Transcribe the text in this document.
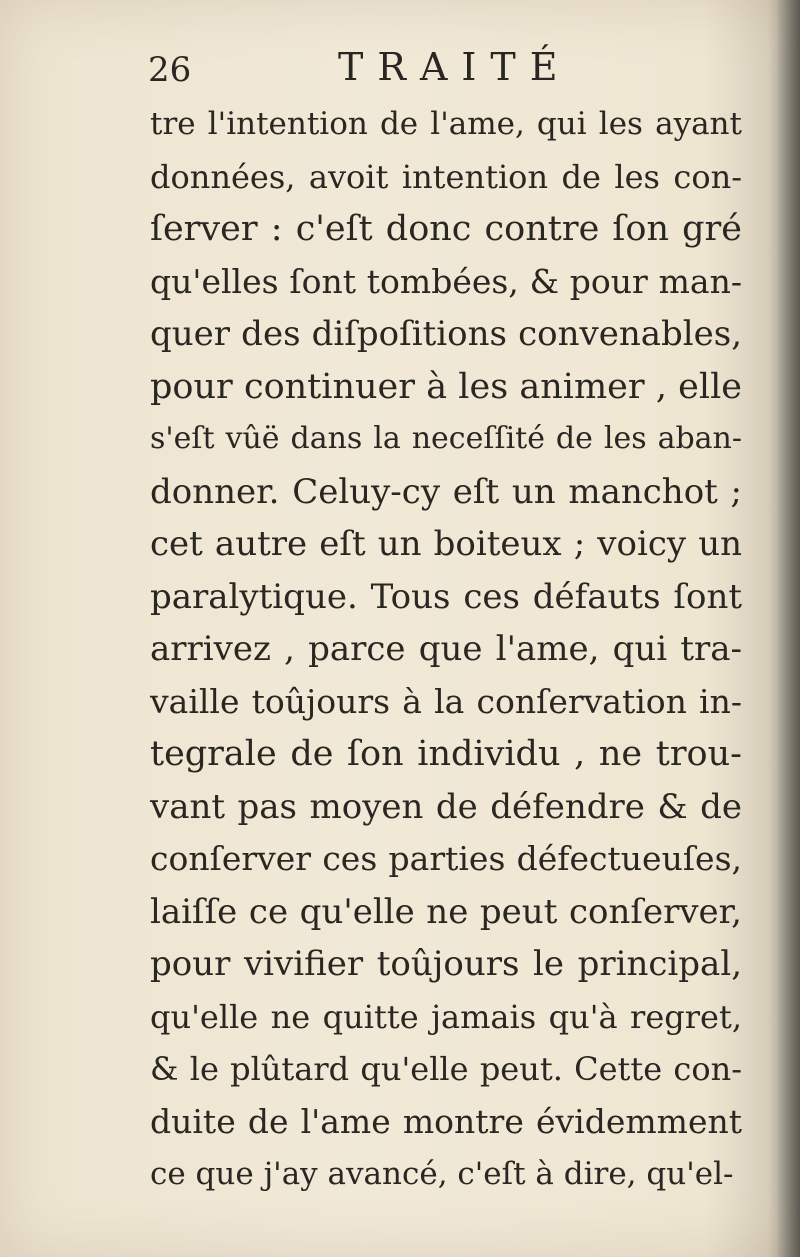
26	TRAITÉ
tre l'intention de l'ame, qui les ayant
données, avoit intention de les con-
ſerver : c'eſt donc contre ſon gré
qu'elles ſont tombées, & pour man-
quer des diſpoſitions convenables,
pour continuer à les animer , elle
s'eſt vûë dans la neceſſité de les aban-
donner. Celuy-cy eſt un manchot ;
cet autre eſt un boiteux ; voicy un
paralytique. Tous ces défauts ſont
arrivez , parce que l'ame, qui tra-
vaille toûjours à la conſervation in-
tegrale de ſon individu , ne trou-
vant pas moyen de défendre & de
conſerver ces parties défectueuſes,
laiſſe ce qu'elle ne peut conſerver,
pour vivifier toûjours le principal,
qu'elle ne quitte jamais qu'à regret,
& le plûtard qu'elle peut. Cette con-
duite de l'ame montre évidemment
ce que j'ay avancé, c'eſt à dire, qu'el-
